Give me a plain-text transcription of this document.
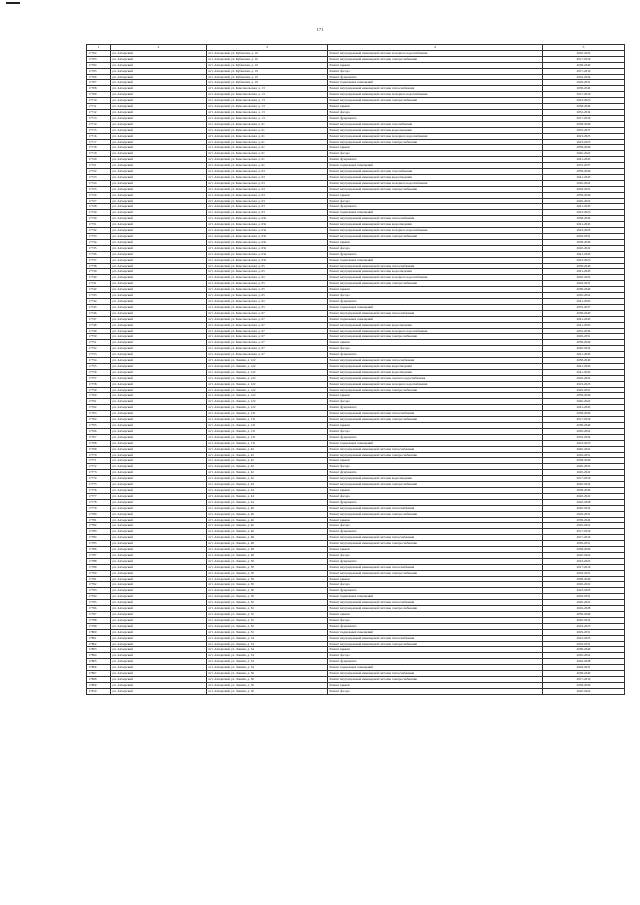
171
1	2	3	4	5
17702	рп. Ахтырский	пгт. Ахтырский, ул. Кубанская, д. 16	Ремонт внутридомовой инженерной системы холодного водоснабжения	2020-2022
17703	рп. Ахтырский	пгт. Ахтырский, ул. Кубанская, д. 16	Ремонт внутридомовой инженерной системы электроснабжения	2017-2019
17704	рп. Ахтырский	пгт. Ахтырский, ул. Кубанская, д. 16	Ремонт крыши	2038-2040
17705	рп. Ахтырский	пгт. Ахтырский, ул. Кубанская, д. 19	Ремонт фасада	2017-2019
17706	рп. Ахтырский	пгт. Ахтырский, ул. Кубанская, д. 19	Ремонт фундамента	2032-2034
17707	рп. Ахтырский	пгт. Ахтырский, ул. Кубанская, д. 19	Ремонт подвальных помещений	2029-2031
17708	рп. Ахтырский	пгт. Ахтырский, ул. Комсомольская, д. 13	Ремонт внутридомовой инженерной системы теплоснабжения	2038-2040
17709	рп. Ахтырский	пгт. Ахтырский, ул. Комсомольская, д. 13	Ремонт внутридомовой инженерной системы холодного водоснабжения	2017-2019
17710	рп. Ахтырский	пгт. Ахтырский, ул. Комсомольская, д. 13	Ремонт внутридомовой инженерной системы электроснабжения	2023-2025
17711	рп. Ахтырский	пгт. Ахтырский, ул. Комсомольская, д. 13	Ремонт крыши	2038-2040
17712	рп. Ахтырский	пгт. Ахтырский, ул. Комсомольская, д. 13	Ремонт фасада	2032-2034
17713	рп. Ахтырский	пгт. Ахтырский, ул. Комсомольская, д. 13	Ремонт фундамента	2017-2019
17714	рп. Ахтырский	пгт. Ахтырский, ул. Комсомольская, д. 61	Ремонт внутридомовой инженерной системы газоснабжения	2038-2040
17715	рп. Ахтырский	пгт. Ахтырский, ул. Комсомольская, д. 61	Ремонт внутридомовой инженерной системы водоотведения	2035-2037
17716	рп. Ахтырский	пгт. Ахтырский, ул. Комсомольская, д. 61	Ремонт внутридомовой инженерной системы холодного водоснабжения	2023-2025
17717	рп. Ахтырский	пгт. Ахтырский, ул. Комсомольская, д. 61	Ремонт внутридомовой инженерной системы электроснабжения	2023-2025
17718	рп. Ахтырский	пгт. Ахтырский, ул. Комсомольская, д. 61	Ремонт крыши	2038-2040
17719	рп. Ахтырский	пгт. Ахтырский, ул. Комсомольская, д. 61	Ремонт фасада	2020-2022
17720	рп. Ахтырский	пгт. Ахтырский, ул. Комсомольская, д. 61	Ремонт фундамента	2041-2043
17721	рп. Ахтырский	пгт. Ахтырский, ул. Комсомольская, д. 61	Ремонт подвальных помещений	2035-2037
17722	рп. Ахтырский	пгт. Ахтырский, ул. Комсомольская, д. 63	Ремонт внутридомовой инженерной системы газоснабжения	2038-2040
17723	рп. Ахтырский	пгт. Ахтырский, ул. Комсомольская, д. 63	Ремонт внутридомовой инженерной системы водоотведения	2041-2043
17724	рп. Ахтырский	пгт. Ахтырский, ул. Комсомольская, д. 63	Ремонт внутридомовой инженерной системы холодного водоснабжения	2020-2022
17725	рп. Ахтырский	пгт. Ахтырский, ул. Комсомольская, д. 63	Ремонт внутридомовой инженерной системы электроснабжения	2029-2031
17726	рп. Ахтырский	пгт. Ахтырский, ул. Комсомольская, д. 63	Ремонт крыши	2038-2040
17727	рп. Ахтырский	пгт. Ахтырский, ул. Комсомольская, д. 63	Ремонт фасада	2020-2022
17728	рп. Ахтырский	пгт. Ахтырский, ул. Комсомольская, д. 63	Ремонт фундамента	2041-2043
17729	рп. Ахтырский	пгт. Ахтырский, ул. Комсомольская, д. 63	Ремонт подвальных помещений	2023-2025
17730	рп. Ахтырский	пгт. Ахтырский, ул. Комсомольская, д. 63а	Ремонт внутридомовой инженерной системы теплоснабжения	2038-2040
17731	рп. Ахтырский	пгт. Ахтырский, ул. Комсомольская, д. 63а	Ремонт внутридомовой инженерной системы водоотведения	2041-2043
17732	рп. Ахтырский	пгт. Ахтырский, ул. Комсомольская, д. 63а	Ремонт внутридомовой инженерной системы холодного водоснабжения	2023-2025
17733	рп. Ахтырский	пгт. Ахтырский, ул. Комсомольская, д. 63а	Ремонт внутридомовой инженерной системы электроснабжения	2029-2031
17734	рп. Ахтырский	пгт. Ахтырский, ул. Комсомольская, д. 63а	Ремонт крыши	2038-2040
17735	рп. Ахтырский	пгт. Ахтырский, ул. Комсомольская, д. 63а	Ремонт фасада	2020-2022
17736	рп. Ахтырский	пгт. Ахтырский, ул. Комсомольская, д. 63а	Ремонт фундамента	2041-2043
17737	рп. Ахтырский	пгт. Ахтырский, ул. Комсомольская, д. 63а	Ремонт подвальных помещений	2023-2025
17738	рп. Ахтырский	пгт. Ахтырский, ул. Комсомольская, д. 65	Ремонт внутридомовой инженерной системы теплоснабжения	2038-2040
17739	рп. Ахтырский	пгт. Ахтырский, ул. Комсомольская, д. 65	Ремонт внутридомовой инженерной системы водоотведения	2041-2043
17740	рп. Ахтырский	пгт. Ахтырский, ул. Комсомольская, д. 65	Ремонт внутридомовой инженерной системы холодного водоснабжения	2020-2022
17741	рп. Ахтырский	пгт. Ахтырский, ул. Комсомольская, д. 65	Ремонт внутридомовой инженерной системы электроснабжения	2029-2031
17742	рп. Ахтырский	пгт. Ахтырский, ул. Комсомольская, д. 65	Ремонт крыши	2038-2040
17743	рп. Ахтырский	пгт. Ахтырский, ул. Комсомольская, д. 65	Ремонт фасада	2020-2022
17744	рп. Ахтырский	пгт. Ахтырский, ул. Комсомольская, д. 65	Ремонт фундамента	2041-2043
17745	рп. Ахтырский	пгт. Ахтырский, ул. Комсомольская, д. 65	Ремонт подвальных помещений	2035-2037
17746	рп. Ахтырский	пгт. Ахтырский, ул. Комсомольская, д. 67	Ремонт внутридомовой инженерной системы теплоснабжения	2038-2040
17747	рп. Ахтырский	пгт. Ахтырский, ул. Комсомольская, д. 67	Ремонт подвальных помещений	2041-2043
17748	рп. Ахтырский	пгт. Ахтырский, ул. Комсомольская, д. 67	Ремонт внутридомовой инженерной системы водоотведения	2041-2043
17749	рп. Ахтырский	пгт. Ахтырский, ул. Комсомольская, д. 67	Ремонт внутридомовой инженерной системы холодного водоснабжения	2032-2034
17750	рп. Ахтырский	пгт. Ахтырский, ул. Комсомольская, д. 67	Ремонт внутридомовой инженерной системы электроснабжения	2029-2031
17751	рп. Ахтырский	пгт. Ахтырский, ул. Комсомольская, д. 67	Ремонт крыши	2038-2040
17752	рп. Ахтырский	пгт. Ахтырский, ул. Комсомольская, д. 67	Ремонт фасада	2020-2022
17753	рп. Ахтырский	пгт. Ахтырский, ул. Комсомольская, д. 67	Ремонт фундамента	2041-2043
17754	рп. Ахтырский	пгт. Ахтырский, ул. Ленина, д. 122	Ремонт внутридомовой инженерной системы теплоснабжения	2038-2040
17755	рп. Ахтырский	пгт. Ахтырский, ул. Ленина, д. 122	Ремонт внутридомовой инженерной системы водоотведения	2041-2043
17756	рп. Ахтырский	пгт. Ахтырский, ул. Ленина, д. 122	Ремонт внутридомовой инженерной системы водоотведения	2041-2043
17757	рп. Ахтырский	пгт. Ахтырский, ул. Ленина, д. 122	Ремонт внутридомовой инженерной системы горячего водоснабжения	2020-2022
17758	рп. Ахтырский	пгт. Ахтырский, ул. Ленина, д. 122	Ремонт внутридомовой инженерной системы холодного водоснабжения	2023-2025
17759	рп. Ахтырский	пгт. Ахтырский, ул. Ленина, д. 122	Ремонт внутридомовой инженерной системы электроснабжения	2029-2031
17760	рп. Ахтырский	пгт. Ахтырский, ул. Ленина, д. 122	Ремонт крыши	2038-2040
17761	рп. Ахтырский	пгт. Ахтырский, ул. Ленина, д. 122	Ремонт фасада	2020-2022
17762	рп. Ахтырский	пгт. Ахтырский, ул. Ленина, д. 122	Ремонт фундамента	2041-2043
17763	рп. Ахтырский	пгт. Ахтырский, ул. Ленина, д. 131	Ремонт внутридомовой инженерной системы теплоснабжения	2038-2040
17764	рп. Ахтырский	пгт. Ахтырский, ул. Ленина, д. 131	Ремонт внутридомовой инженерной системы электроснабжения	2017-2019
17765	рп. Ахтырский	пгт. Ахтырский, ул. Ленина, д. 131	Ремонт крыши	2038-2040
17766	рп. Ахтырский	пгт. Ахтырский, ул. Ленина, д. 131	Ремонт фасада	2020-2022
17767	рп. Ахтырский	пгт. Ахтырский, ул. Ленина, д. 131	Ремонт фундамента	2032-2034
17768	рп. Ахтырский	пгт. Ахтырский, ул. Ленина, д. 131	Ремонт подвальных помещений	2023-2025
17769	рп. Ахтырский	пгт. Ахтырский, ул. Ленина, д. 42	Ремонт внутридомовой инженерной системы теплоснабжения	2020-2022
17770	рп. Ахтырский	пгт. Ахтырский, ул. Ленина, д. 42	Ремонт внутридомовой инженерной системы электроснабжения	2029-2031
17771	рп. Ахтырский	пгт. Ахтырский, ул. Ленина, д. 42	Ремонт крыши	2038-2040
17772	рп. Ахтырский	пгт. Ахтырский, ул. Ленина, д. 42	Ремонт фасада	2020-2022
17773	рп. Ахтырский	пгт. Ахтырский, ул. Ленина, д. 42	Ремонт фундамента	2020-2022
17774	рп. Ахтырский	пгт. Ахтырский, ул. Ленина, д. 42	Ремонт внутридомовой инженерной системы водоотведения	2017-2019
17775	рп. Ахтырский	пгт. Ахтырский, ул. Ленина, д. 44	Ремонт внутридомовой инженерной системы электроснабжения	2020-2022
17776	рп. Ахтырский	пгт. Ахтырский, ул. Ленина, д. 44	Ремонт крыши	2038-2040
17777	рп. Ахтырский	пгт. Ахтырский, ул. Ленина, д. 44	Ремонт фасада	2020-2022
17778	рп. Ахтырский	пгт. Ахтырский, ул. Ленина, д. 44	Ремонт фундамента	2026-2028
17779	рп. Ахтырский	пгт. Ахтырский, ул. Ленина, д. 46	Ремонт внутридомовой инженерной системы теплоснабжения	2020-2022
17780	рп. Ахтырский	пгт. Ахтырский, ул. Ленина, д. 46	Ремонт внутридомовой инженерной системы электроснабжения	2029-2031
17781	рп. Ахтырский	пгт. Ахтырский, ул. Ленина, д. 46	Ремонт крыши	2038-2040
17782	рп. Ахтырский	пгт. Ахтырский, ул. Ленина, д. 46	Ремонт фасада	2020-2022
17783	рп. Ахтырский	пгт. Ахтырский, ул. Ленина, д. 46	Ремонт фундамента	2017-2019
17784	рп. Ахтырский	пгт. Ахтырский, ул. Ленина, д. 48	Ремонт внутридомовой инженерной системы теплоснабжения	2017-2019
17785	рп. Ахтырский	пгт. Ахтырский, ул. Ленина, д. 48	Ремонт внутридомовой инженерной системы электроснабжения	2029-2031
17786	рп. Ахтырский	пгт. Ахтырский, ул. Ленина, д. 48	Ремонт крыши	2038-2040
17787	рп. Ахтырский	пгт. Ахтырский, ул. Ленина, д. 48	Ремонт фасада	2020-2022
17788	рп. Ахтырский	пгт. Ахтырский, ул. Ленина, д. 50	Ремонт фундамента	2023-2025
17789	рп. Ахтырский	пгт. Ахтырский, ул. Ленина, д. 50	Ремонт внутридомовой инженерной системы теплоснабжения	2017-2019
17790	рп. Ахтырский	пгт. Ахтырский, ул. Ленина, д. 50	Ремонт внутридомовой инженерной системы электроснабжения	2029-2031
17791	рп. Ахтырский	пгт. Ахтырский, ул. Ленина, д. 50	Ремонт крыши	2038-2040
17792	рп. Ахтырский	пгт. Ахтырский, ул. Ленина, д. 50	Ремонт фасада	2020-2022
17793	рп. Ахтырский	пгт. Ахтырский, ул. Ленина, д. 50	Ремонт фундамента	2023-2025
17794	рп. Ахтырский	пгт. Ахтырский, ул. Ленина, д. 50	Ремонт подвальных помещений	2029-2031
17795	рп. Ахтырский	пгт. Ахтырский, ул. Ленина, д. 52	Ремонт внутридомовой инженерной системы теплоснабжения	2020-2022
17796	рп. Ахтырский	пгт. Ахтырский, ул. Ленина, д. 52	Ремонт внутридомовой инженерной системы электроснабжения	2026-2028
17797	рп. Ахтырский	пгт. Ахтырский, ул. Ленина, д. 52	Ремонт крыши	2038-2040
17798	рп. Ахтырский	пгт. Ахтырский, ул. Ленина, д. 52	Ремонт фасада	2020-2022
17799	рп. Ахтырский	пгт. Ахтырский, ул. Ленина, д. 52	Ремонт фундамента	2023-2025
17800	рп. Ахтырский	пгт. Ахтырский, ул. Ленина, д. 52	Ремонт подвальных помещений	2029-2031
17801	рп. Ахтырский	пгт. Ахтырский, ул. Ленина, д. 54	Ремонт внутридомовой инженерной системы теплоснабжения	2023-2025
17802	рп. Ахтырский	пгт. Ахтырский, ул. Ленина, д. 54	Ремонт внутридомовой инженерной системы электроснабжения	2029-2031
17803	рп. Ахтырский	пгт. Ахтырский, ул. Ленина, д. 54	Ремонт крыши	2038-2040
17804	рп. Ахтырский	пгт. Ахтырский, ул. Ленина, д. 54	Ремонт фасада	2020-2022
17805	рп. Ахтырский	пгт. Ахтырский, ул. Ленина, д. 54	Ремонт фундамента	2026-2028
17806	рп. Ахтырский	пгт. Ахтырский, ул. Ленина, д. 54	Ремонт подвальных помещений	2029-2031
17807	рп. Ахтырский	пгт. Ахтырский, ул. Ленина, д. 56	Ремонт внутридомовой инженерной системы теплоснабжения	2038-2040
17808	рп. Ахтырский	пгт. Ахтырский, ул. Ленина, д. 56	Ремонт внутридомовой инженерной системы электроснабжения	2017-2019
17809	рп. Ахтырский	пгт. Ахтырский, ул. Ленина, д. 56	Ремонт крыши	2038-2040
17810	рп. Ахтырский	пгт. Ахтырский, ул. Ленина, д. 56	Ремонт фасада	2020-2022
